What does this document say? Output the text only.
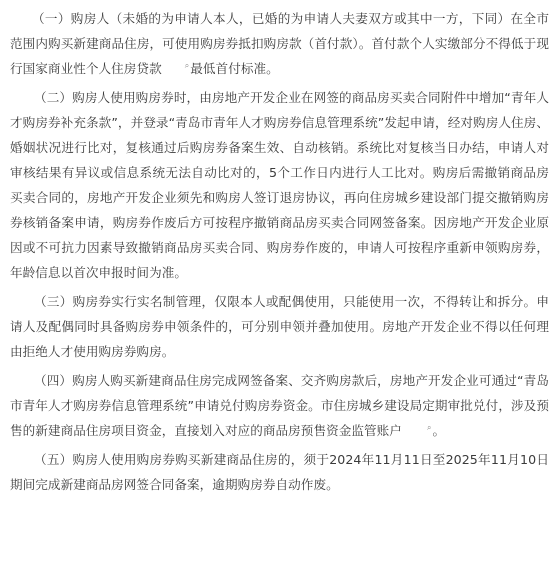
（一）购房人（未婚的为申请人本人，已婚的为申请人夫妻双方或其中一方，下同）在全市范围内购买新建商品住房，可使用购房券抵扣购房款（首付款）。首付款个人实缴部分不得低于现行国家商业性个人住房贷款	⌕最低首付标准。

（二）购房人使用购房券时，由房地产开发企业在网签的商品房买卖合同附件中增加“青年人才购房券补充条款”，并登录“青岛市青年人才购房券信息管理系统”发起申请，经对购房人住房、婚姻状况进行比对，复核通过后购房券备案生效、自动核销。系统比对复核当日办结，申请人对审核结果有异议或信息系统无法自动比对的，5个工作日内进行人工比对。购房后需撤销商品房买卖合同的，房地产开发企业须先和购房人签订退房协议，再向住房城乡建设部门提交撤销购房券核销备案申请，购房券作废后方可按程序撤销商品房买卖合同网签备案。因房地产开发企业原因或不可抗力因素导致撤销商品房买卖合同、购房券作废的，申请人可按程序重新申领购房券，年龄信息以首次申报时间为准。

（三）购房券实行实名制管理，仅限本人或配偶使用，只能使用一次，不得转让和拆分。申请人及配偶同时具备购房券申领条件的，可分别申领并叠加使用。房地产开发企业不得以任何理由拒绝人才使用购房券购房。

（四）购房人购买新建商品住房完成网签备案、交齐购房款后，房地产开发企业可通过“青岛市青年人才购房券信息管理系统”申请兑付购房券资金。市住房城乡建设局定期审批兑付，涉及预售的新建商品住房项目资金，直接划入对应的商品房预售资金监管账户	⌕。

（五）购房人使用购房券购买新建商品住房的，须于2024年11月11日至2025年11月10日期间完成新建商品房网签合同备案，逾期购房券自动作废。
